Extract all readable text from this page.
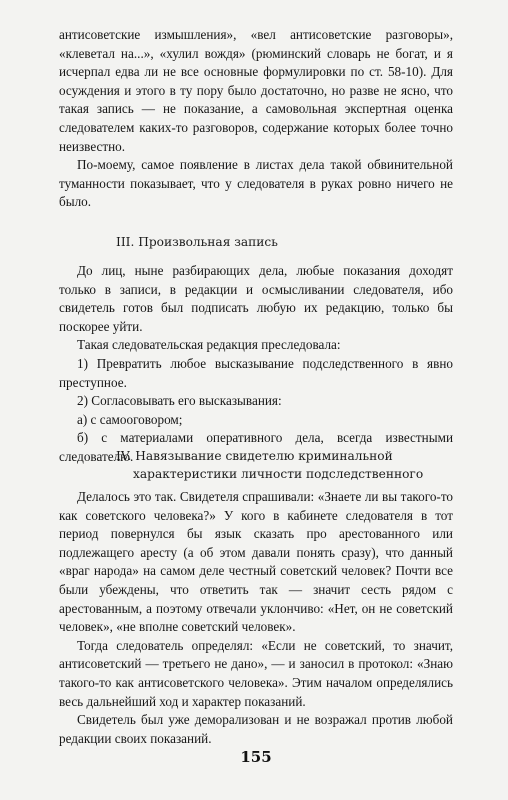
антисоветские измышления», «вел антисоветские разговоры», «клеветал на...», «хулил вождя» (рюминский словарь не богат, и я исчерпал едва ли не все основные формулировки по ст. 58-10). Для осуждения и этого в ту пору было достаточно, но разве не ясно, что такая запись — не показание, а самовольная экспертная оценка следователем каких-то разговоров, содержание которых более точно неизвестно.

По-моему, самое появление в листах дела такой обвинительной туманности показывает, что у следователя в руках ровно ничего не было.

III. Произвольная запись

До лиц, ныне разбирающих дела, любые показания доходят только в записи, в редакции и осмысливании следователя, ибо свидетель готов был подписать любую их редакцию, только бы поскорее уйти.

Такая следовательская редакция преследовала:

1) Превратить любое высказывание подследственного в явно преступное.

2) Согласовывать его высказывания:

а) с самооговором;

б) с материалами оперативного дела, всегда известными следователю.

IV. Навязывание свидетелю криминальной
характеристики личности подследственного

Делалось это так. Свидетеля спрашивали: «Знаете ли вы такого-то как советского человека?» У кого в кабинете следователя в тот период повернулся бы язык сказать про арестованного или подлежащего аресту (а об этом давали понять сразу), что данный «враг народа» на самом деле честный советский человек? Почти все были убеждены, что ответить так — значит сесть рядом с арестованным, а поэтому отвечали уклончиво: «Нет, он не советский человек», «не вполне советский человек».

Тогда следователь определял: «Если не советский, то значит, антисоветский — третьего не дано», — и заносил в протокол: «Знаю такого-то как антисоветского человека». Этим началом определялись весь дальнейший ход и характер показаний.

Свидетель был уже деморализован и не возражал против любой редакции своих показаний.

155
